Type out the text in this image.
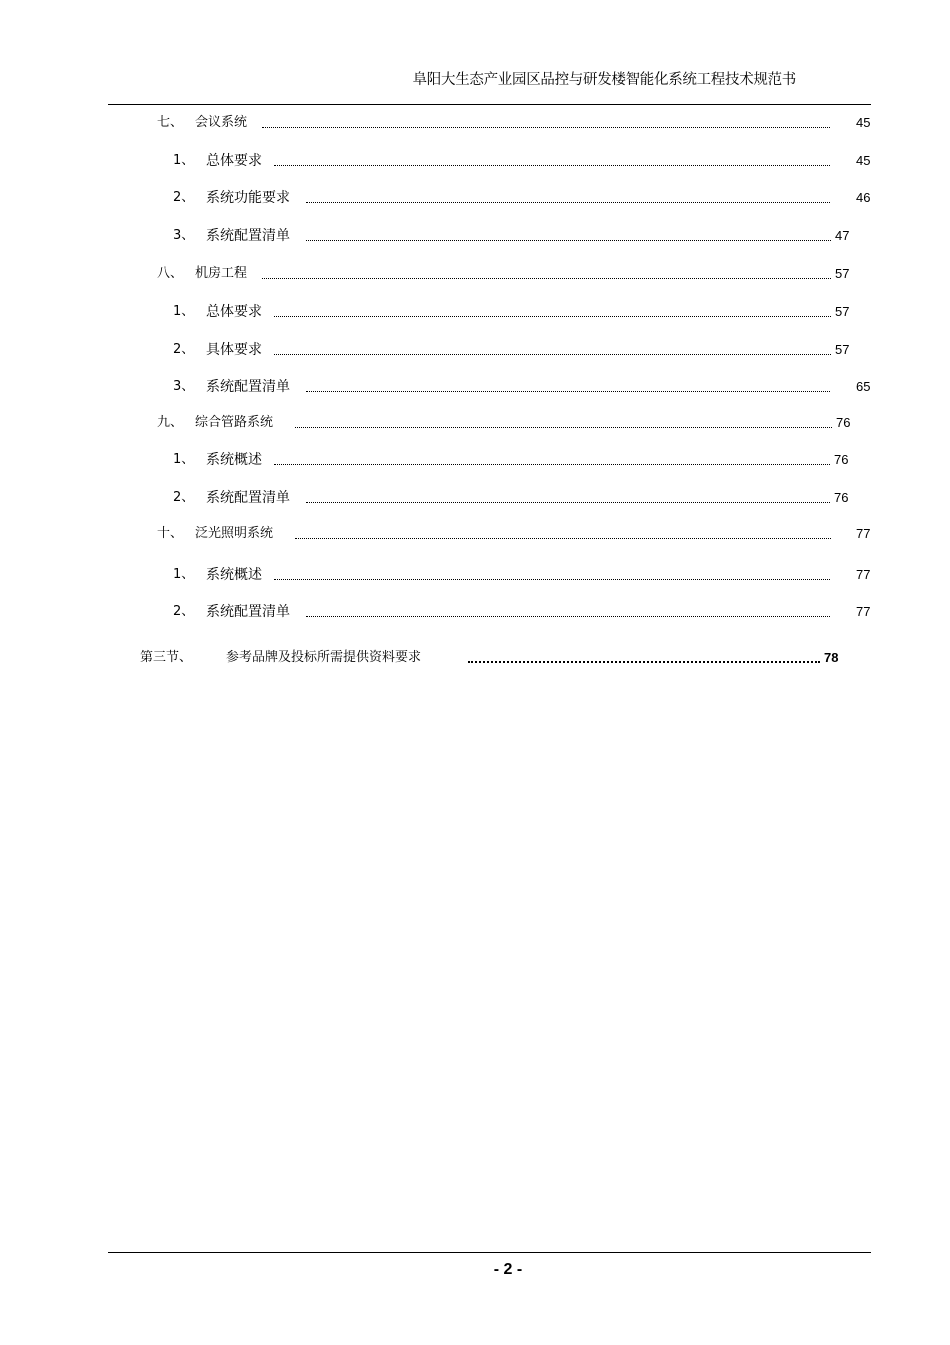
阜阳大生态产业园区品控与研发楼智能化系统工程技术规范书
七、 会议系统	45
1、 总体要求	45
2、 系统功能要求	46
3、 系统配置清单	47
八、 机房工程	57
1、 总体要求	57
2、 具体要求	57
3、 系统配置清单	65
九、 综合管路系统	76
1、 系统概述	76
2、 系统配置清单	76
十、 泛光照明系统	77
1、 系统概述	77
2、 系统配置清单	77
第三节、	参考品牌及投标所需提供资料要求	78
- 2 -
